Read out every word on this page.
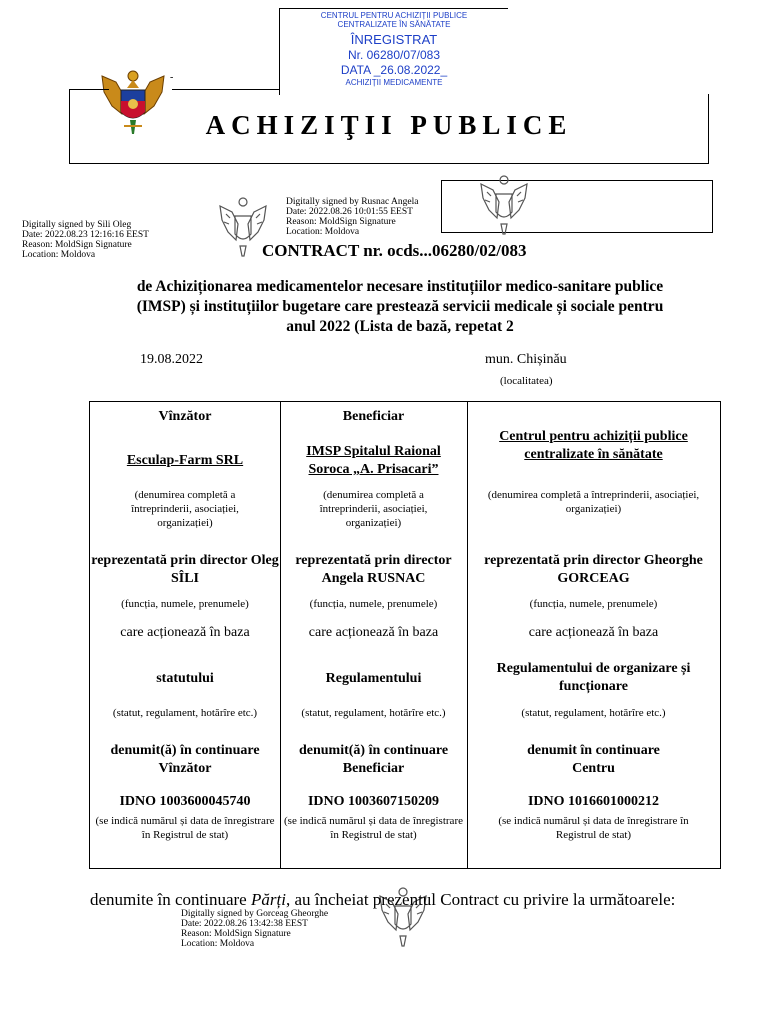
CENTRUL PENTRU ACHIZIȚII PUBLICE
CENTRALIZATE ÎN SĂNĂTATE
ÎNREGISTRAT
Nr. 06280/07/083
DATA _26.08.2022_
ACHIZIȚII MEDICAMENTE
-
ACHIZIŢII PUBLICE
Digitally signed by Sili Oleg
Date: 2022.08.23 12:16:16 EEST
Reason: MoldSign Signature
Location: Moldova
Digitally signed by Rusnac Angela
Date: 2022.08.26 10:01:55 EEST
Reason: MoldSign Signature
Location: Moldova
CONTRACT nr. ocds...06280/02/083
de Achiziționarea medicamentelor necesare instituțiilor medico-sanitare publice
(IMSP) și instituțiilor bugetare care prestează servicii medicale și sociale pentru
anul 2022 (Lista de bază, repetat 2
19.08.2022	mun. Chișinău
(localitatea)
Vînzător
Esculap-Farm SRL
(denumirea completă a întreprinderii, asociației, organizației)
reprezentată prin director Oleg SÎLI
(funcția, numele, prenumele)
care acționează în baza
statutului
(statut, regulament, hotărîre etc.)
denumit(ă) în continuare Vînzător
IDNO 1003600045740
(se indică numărul și data de înregistrare în Registrul de stat)
Beneficiar
IMSP Spitalul Raional Soroca „A. Prisacari”
(denumirea completă a întreprinderii, asociației, organizației)
reprezentată prin director Angela RUSNAC
(funcția, numele, prenumele)
care acționează în baza
Regulamentului
(statut, regulament, hotărîre etc.)
denumit(ă) în continuare Beneficiar
IDNO 1003607150209
(se indică numărul și data de înregistrare în Registrul de stat)
Centrul pentru achiziții publice centralizate în sănătate
(denumirea completă a întreprinderii, asociației, organizației)
reprezentată prin director Gheorghe GORCEAG
(funcția, numele, prenumele)
care acționează în baza
Regulamentului de organizare și funcționare
(statut, regulament, hotărîre etc.)
denumit în continuare Centru
IDNO 1016601000212
(se indică numărul și data de înregistrare în Registrul de stat)
denumite în continuare Părți, au încheiat prezentul Contract cu privire la următoarele:
Digitally signed by Gorceag Gheorghe
Date: 2022.08.26 13:42:38 EEST
Reason: MoldSign Signature
Location: Moldova
